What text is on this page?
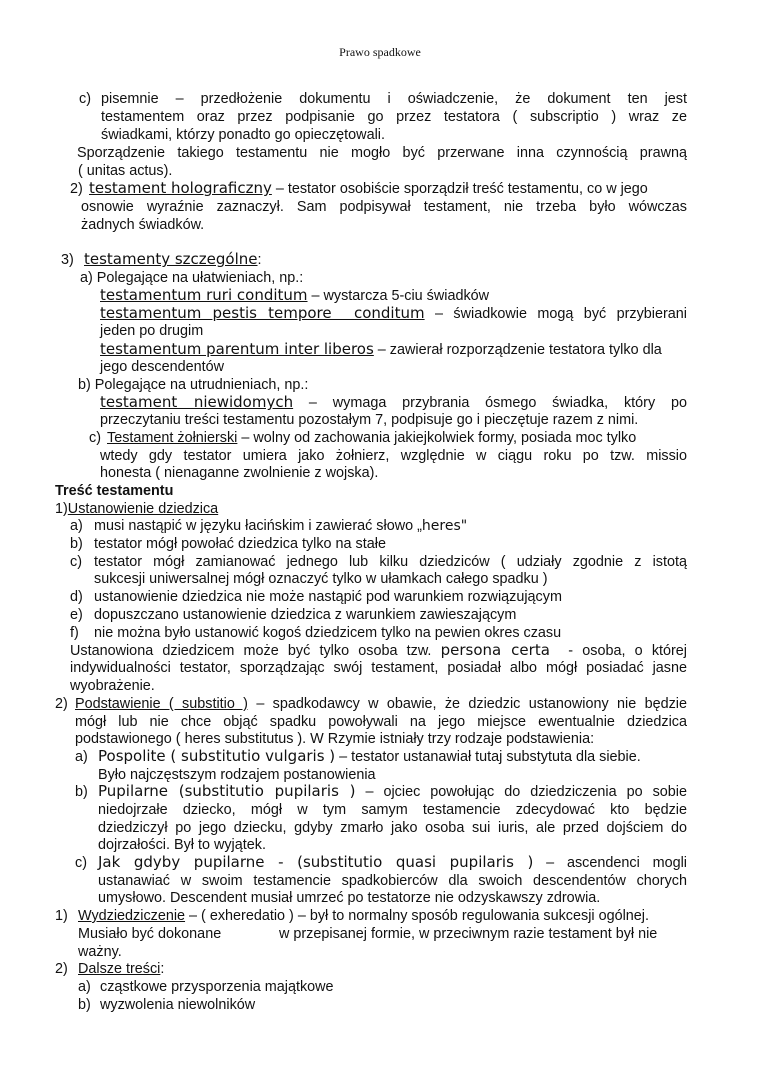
Prawo spadkowe
c) pisemnie – przedłożenie dokumentu i oświadczenie, że dokument ten jest
testamentem oraz przez podpisanie go przez testatora ( subscriptio ) wraz ze
świadkami, którzy ponadto go opieczętowali.
Sporządzenie takiego testamentu nie mogło być przerwane inna czynnością prawną
( unitas actus).
2) testament holograficzny – testator osobiście sporządził treść testamentu, co w jego
osnowie wyraźnie zaznaczył. Sam podpisywał testament, nie trzeba było wówczas
żadnych świadków.
3) testamenty szczególne:
a) Polegające na ułatwieniach, np.:
testamentum ruri conditum – wystarcza 5-ciu świadków
testamentum pestis tempore  conditum – świadkowie mogą być przybierani
jeden po drugim
testamentum parentum inter liberos – zawierał rozporządzenie testatora tylko dla
jego descendentów
b) Polegające na utrudnieniach, np.:
testament niewidomych – wymaga przybrania ósmego świadka, który po
przeczytaniu treści testamentu pozostałym 7, podpisuje go i pieczętuje razem z nimi.
c) Testament żołnierski – wolny od zachowania jakiejkolwiek formy, posiada moc tylko
wtedy gdy testator umiera jako żołnierz, względnie w ciągu roku po tzw. missio
honesta ( nienaganne zwolnienie z wojska).
Treść testamentu
1)Ustanowienie dziedzica
a) musi nastąpić w języku łacińskim i zawierać słowo „heres"
b) testator mógł powołać dziedzica tylko na stałe
c) testator mógł zamianować jednego lub kilku dziedziców ( udziały zgodnie z istotą
sukcesji uniwersalnej mógł oznaczyć tylko w ułamkach całego spadku )
d) ustanowienie dziedzica nie może nastąpić pod warunkiem rozwiązującym
e) dopuszczano ustanowienie dziedzica z warunkiem zawieszającym
f) nie można było ustanowić kogoś dziedzicem tylko na pewien okres czasu
Ustanowiona dziedzicem może być tylko osoba tzw. persona certa  - osoba, o której
indywidualności testator, sporządzając swój testament, posiadał albo mógł posiadać jasne
wyobrażenie.
2) Podstawienie ( substitio ) – spadkodawcy w obawie, że dziedzic ustanowiony nie będzie
mógł lub nie chce objąć spadku powoływali na jego miejsce ewentualnie dziedzica
podstawionego ( heres substitutus ). W Rzymie istniały trzy rodzaje podstawienia:
a) Pospolite ( substitutio vulgaris ) – testator ustanawiał tutaj substytuta dla siebie.
Było najczęstszym rodzajem postanowienia
b) Pupilarne (substitutio pupilaris ) – ojciec powołując do dziedziczenia po sobie
niedojrzałe dziecko, mógł w tym samym testamencie zdecydować kto będzie
dziedziczył po jego dziecku, gdyby zmarło jako osoba sui iuris, ale przed dojściem do
dojrzałości. Był to wyjątek.
c) Jak gdyby pupilarne - (substitutio quasi pupilaris ) – ascendenci mogli
ustanawiać w swoim testamencie spadkobierców dla swoich descendentów chorych
umysłowo. Descendent musiał umrzeć po testatorze nie odzyskawszy zdrowia.
1) Wydziedziczenie – ( exheredatio ) – był to normalny sposób regulowania sukcesji ogólnej.
Musiało być dokonane	w przepisanej formie, w przeciwnym razie testament był nie
ważny.
2) Dalsze treści:
a) cząstkowe przysporzenia majątkowe
b) wyzwolenia niewolników
